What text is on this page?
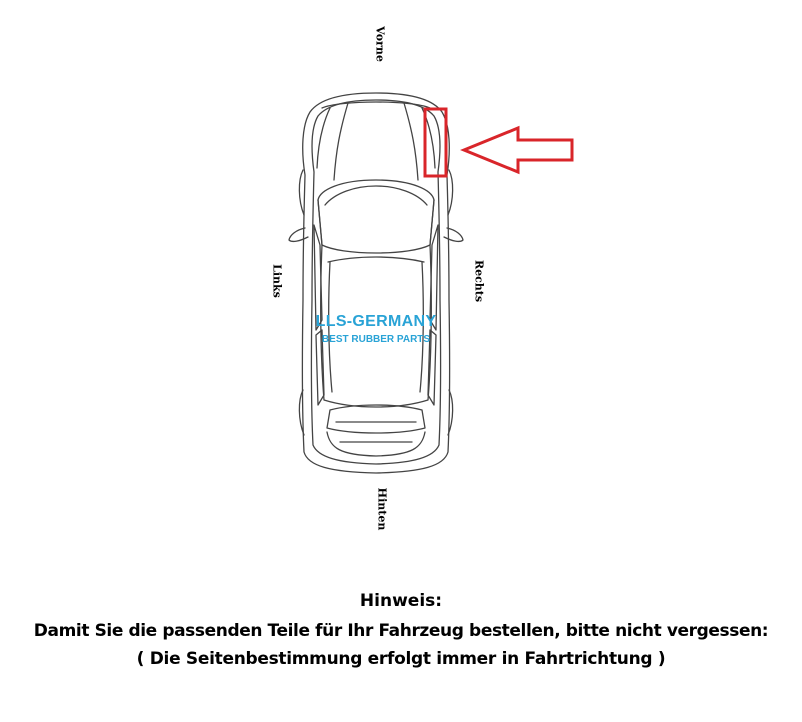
Vorne
Hinten
Links	Rechts
LLS-GERMANY
BEST RUBBER PARTS
Hinweis:
Damit Sie die passenden Teile für Ihr Fahrzeug bestellen, bitte nicht vergessen:
( Die Seitenbestimmung erfolgt immer in Fahrtrichtung )
